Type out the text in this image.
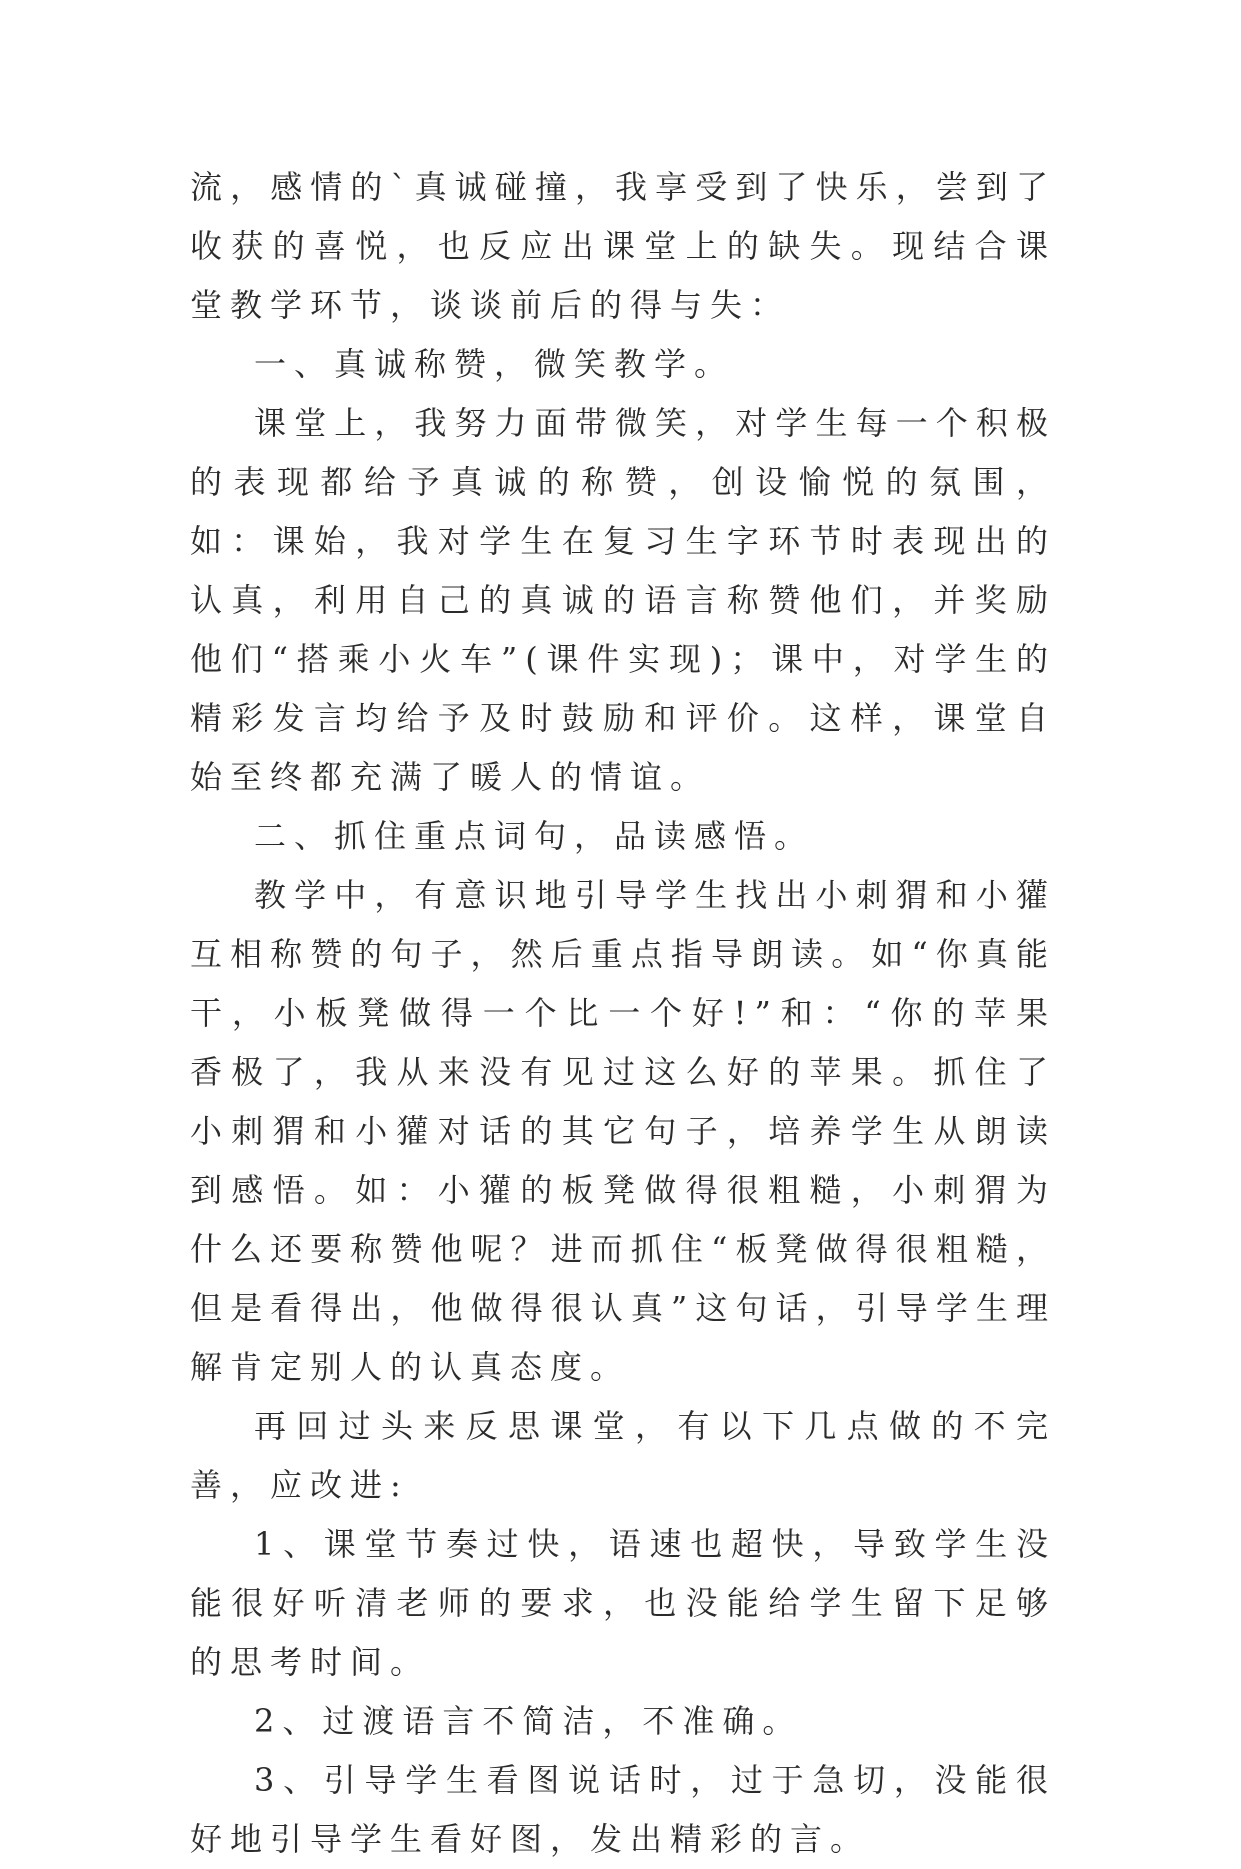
流，感情的`真诚碰撞，我享受到了快乐，尝到了收获的喜悦，也反应出课堂上的缺失。现结合课堂教学环节，谈谈前后的得与失：

一、真诚称赞，微笑教学。

课堂上，我努力面带微笑，对学生每一个积极的表现都给予真诚的称赞，创设愉悦的氛围，如：课始，我对学生在复习生字环节时表现出的认真，利用自己的真诚的语言称赞他们，并奖励他们“搭乘小火车”(课件实现)；课中，对学生的精彩发言均给予及时鼓励和评价。这样，课堂自始至终都充满了暖人的情谊。

二、抓住重点词句，品读感悟。

教学中，有意识地引导学生找出小刺猬和小獾互相称赞的句子，然后重点指导朗读。如“你真能干，小板凳做得一个比一个好!”和：“你的苹果香极了，我从来没有见过这么好的苹果。抓住了小刺猬和小獾对话的其它句子，培养学生从朗读到感悟。如：小獾的板凳做得很粗糙，小刺猬为什么还要称赞他呢？进而抓住“板凳做得很粗糙，但是看得出，他做得很认真”这句话，引导学生理解肯定别人的认真态度。

再回过头来反思课堂，有以下几点做的不完善，应改进:

1、课堂节奏过快，语速也超快，导致学生没能很好听清老师的要求，也没能给学生留下足够的思考时间。

2、过渡语言不简洁，不准确。

3、引导学生看图说话时，过于急切，没能很好地引导学生看好图，发出精彩的言。
